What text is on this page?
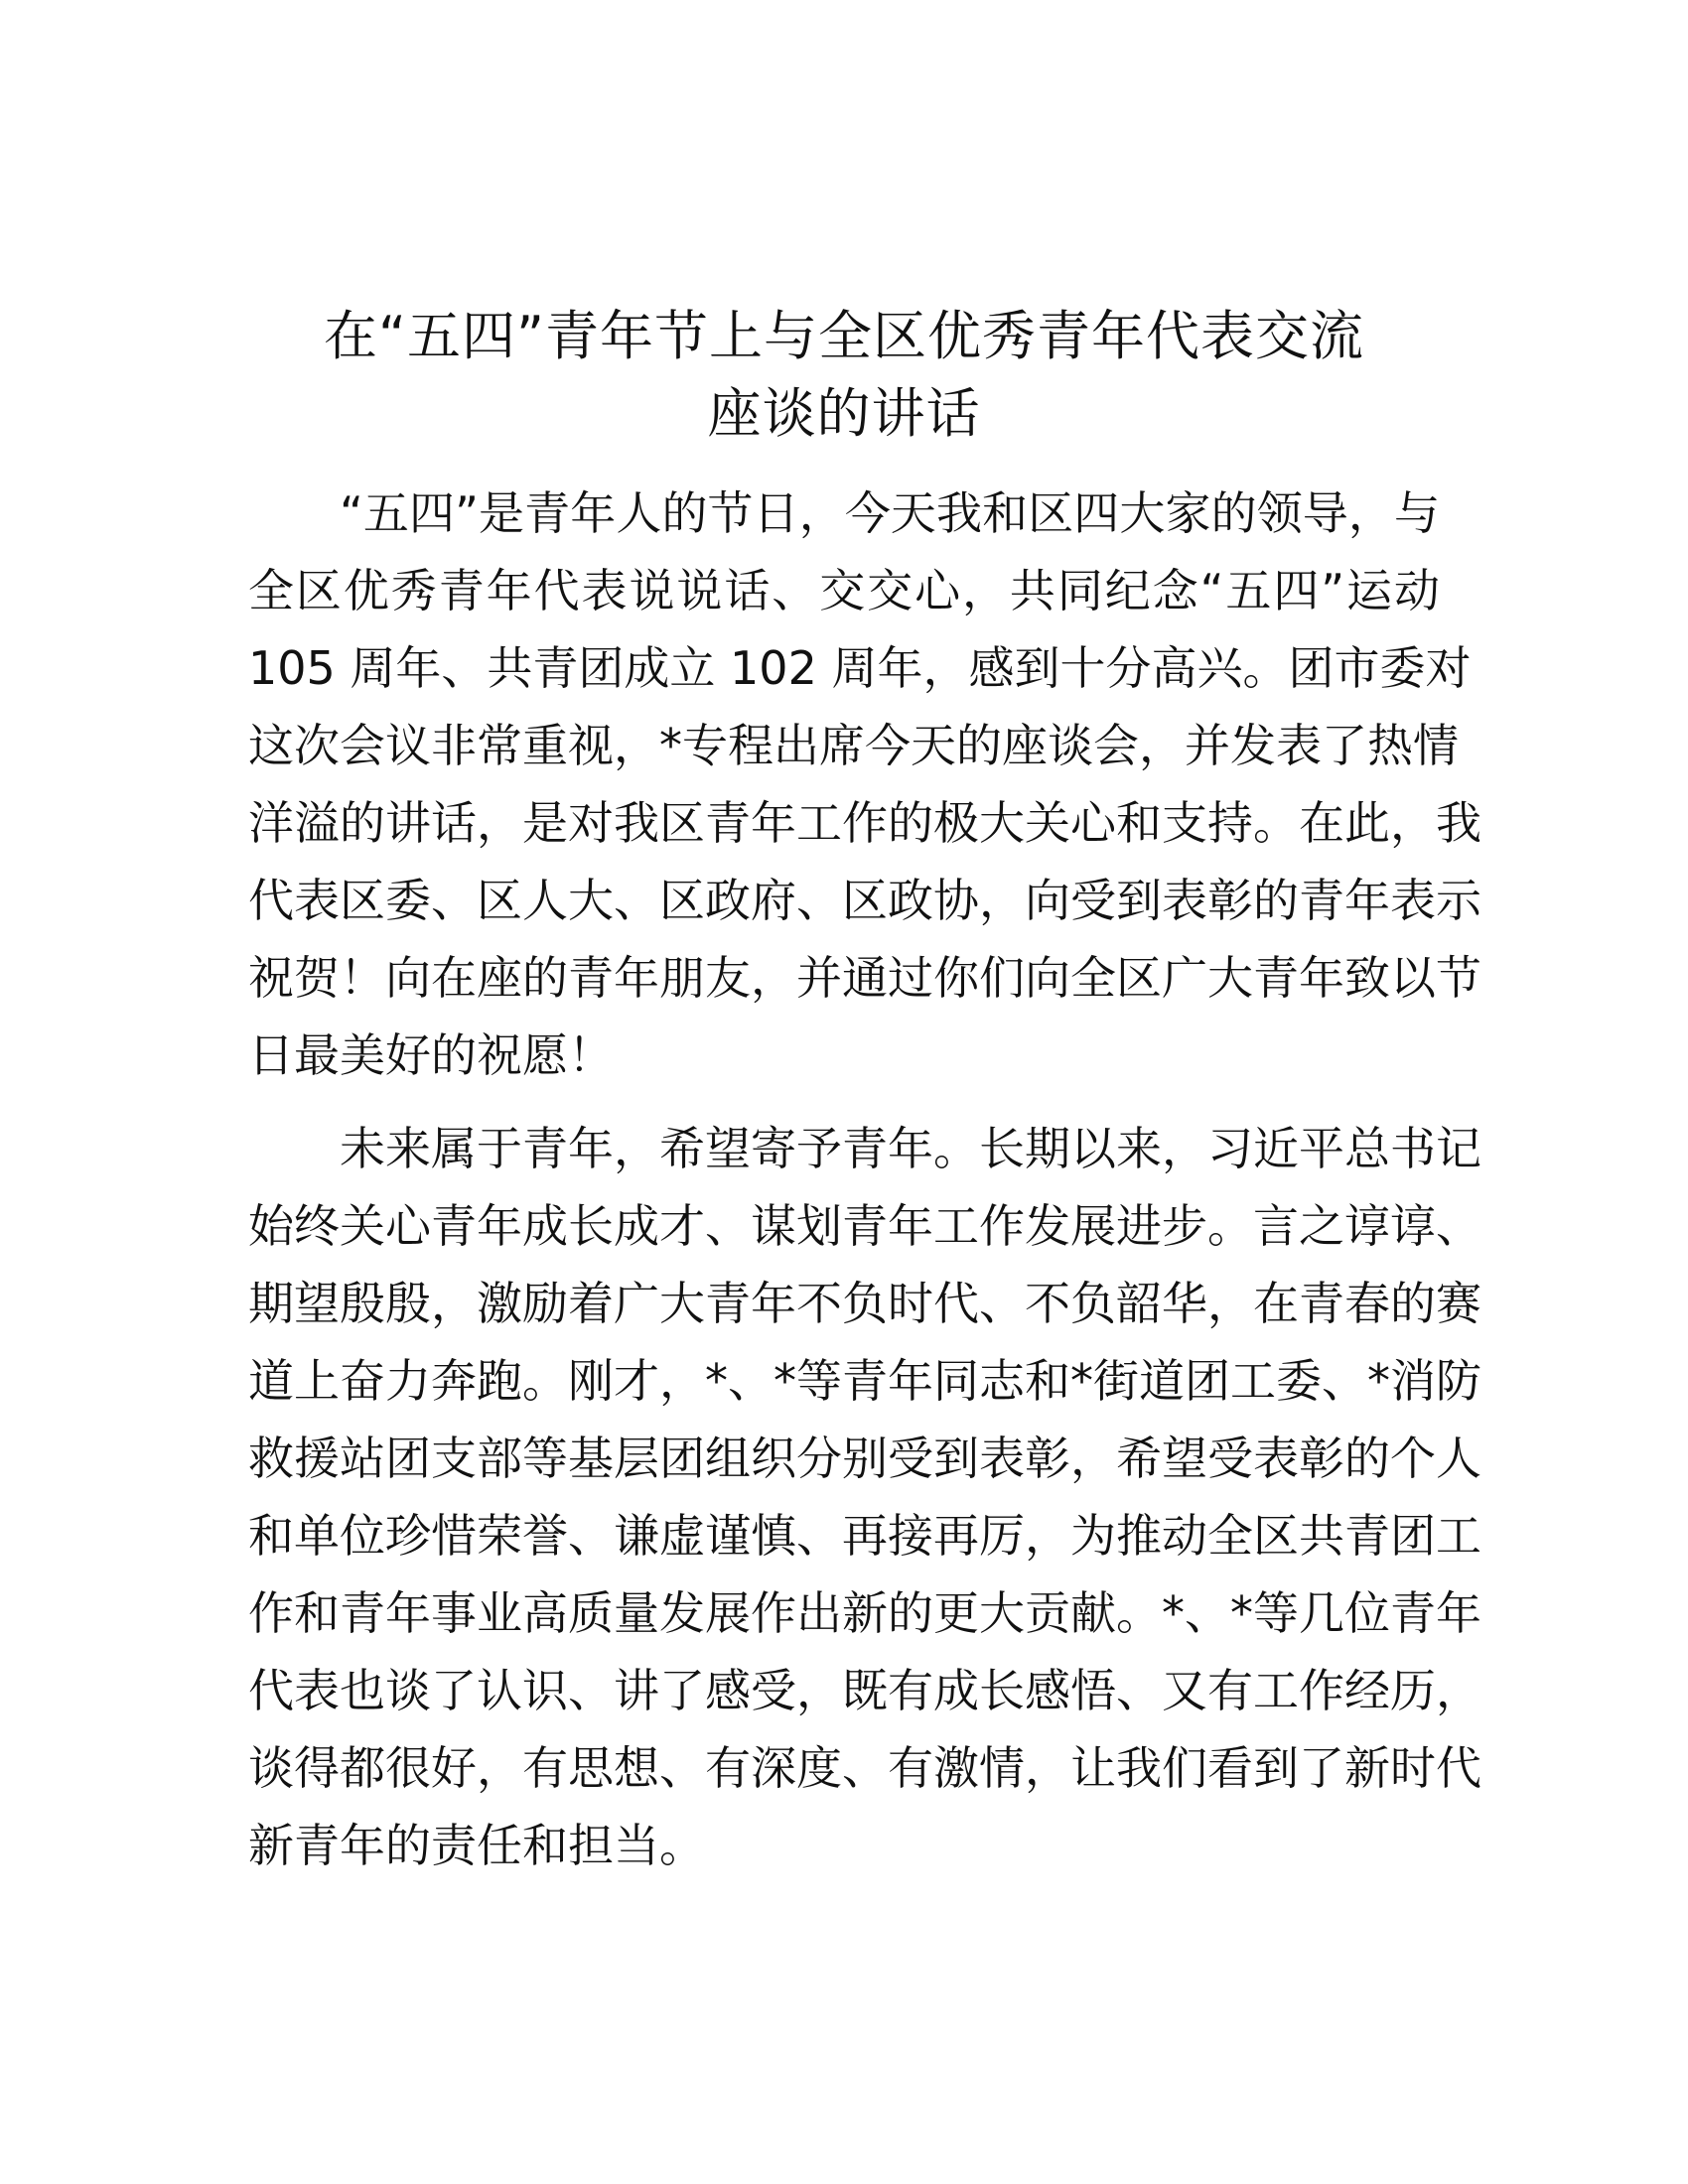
在“五四”青年节上与全区优秀青年代表交流
座谈的讲话

“五四”是青年人的节日，今天我和区四大家的领导，与
全区优秀青年代表说说话、交交心，共同纪念“五四”运动
105 周年、共青团成立 102 周年，感到十分高兴。团市委对
这次会议非常重视，*专程出席今天的座谈会，并发表了热情
洋溢的讲话，是对我区青年工作的极大关心和支持。在此，我
代表区委、区人大、区政府、区政协，向受到表彰的青年表示
祝贺！向在座的青年朋友，并通过你们向全区广大青年致以节
日最美好的祝愿！

未来属于青年，希望寄予青年。长期以来，习近平总书记
始终关心青年成长成才、谋划青年工作发展进步。言之谆谆、
期望殷殷，激励着广大青年不负时代、不负韶华，在青春的赛
道上奋力奔跑。刚才，*、*等青年同志和*街道团工委、*消防
救援站团支部等基层团组织分别受到表彰，希望受表彰的个人
和单位珍惜荣誉、谦虚谨慎、再接再厉，为推动全区共青团工
作和青年事业高质量发展作出新的更大贡献。*、*等几位青年
代表也谈了认识、讲了感受，既有成长感悟、又有工作经历，
谈得都很好，有思想、有深度、有激情，让我们看到了新时代
新青年的责任和担当。
